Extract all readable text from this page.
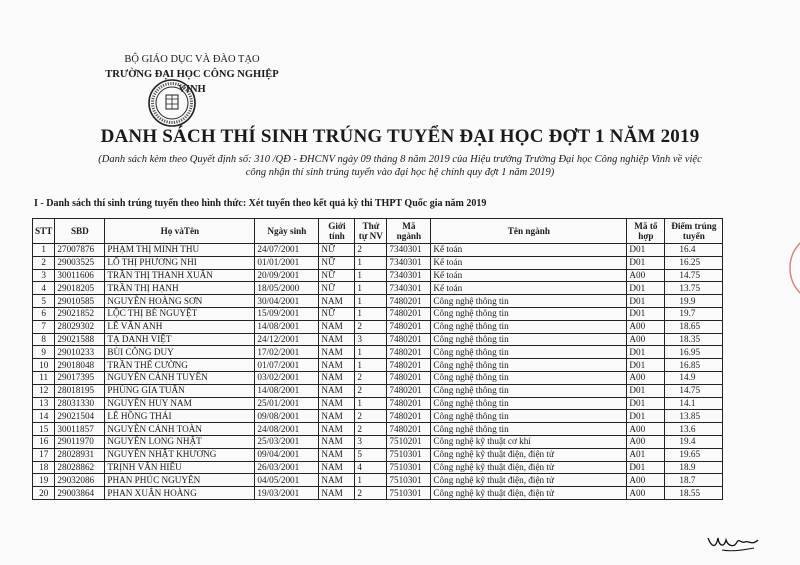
BỘ GIÁO DỤC VÀ ĐÀO TẠO
TRƯỜNG ĐẠI HỌC CÔNG NGHIỆP VINH
DANH SÁCH THÍ SINH TRÚNG TUYỂN ĐẠI HỌC ĐỢT 1 NĂM 2019
(Danh sách kèm theo Quyết định số: 310 /QĐ - ĐHCNV ngày 09 tháng 8 năm 2019 của Hiệu trưởng Trường Đại học Công nghiệp Vinh về việc
công nhận thí sinh trúng tuyển vào đại học hệ chính quy đợt 1 năm 2019)
I - Danh sách thí sinh trúng tuyển theo hình thức: Xét tuyển theo kết quả kỳ thi THPT Quốc gia năm 2019
STT	SBD	Họ vàTên	Ngày sinh	Giới tính	Thứ tự NV	Mã ngành	Tên ngành	Mã tổ hợp	Điểm trúng tuyển
1	27007876	PHẠM THỊ MINH THU	24/07/2001	NỮ	2	7340301	Kế toán	D01	16.4
2	29003525	LÔ THỊ PHƯƠNG NHI	01/01/2001	NỮ	1	7340301	Kế toán	D01	16.25
3	30011606	TRẦN THỊ THANH XUÂN	20/09/2001	NỮ	1	7340301	Kế toán	A00	14.75
4	29018205	TRẦN THỊ HẠNH	18/05/2000	NỮ	1	7340301	Kế toán	D01	13.75
5	29010585	NGUYỄN HOÀNG SƠN	30/04/2001	NAM	1	7480201	Công nghệ thông tin	D01	19.9
6	29021852	LỘC THỊ BÉ NGUYỆT	15/09/2001	NỮ	1	7480201	Công nghệ thông tin	D01	19.7
7	28029302	LÊ VĂN ANH	14/08/2001	NAM	2	7480201	Công nghệ thông tin	A00	18.65
8	29021588	TẠ DANH VIỆT	24/12/2001	NAM	3	7480201	Công nghệ thông tin	A00	18.35
9	29010233	BÙI CÔNG DUY	17/02/2001	NAM	1	7480201	Công nghệ thông tin	D01	16.95
10	29018048	TRẦN THẾ CƯỜNG	01/07/2001	NAM	1	7480201	Công nghệ thông tin	D01	16.85
11	29017395	NGUYỄN CẢNH TUYÊN	03/02/2001	NAM	2	7480201	Công nghệ thông tin	A00	14.9
12	28018195	PHÙNG GIA TUẤN	14/08/2001	NAM	2	7480201	Công nghệ thông tin	D01	14.75
13	28031330	NGUYỄN HUY NAM	25/01/2001	NAM	1	7480201	Công nghệ thông tin	D01	14.1
14	29021504	LÊ HỒNG THÁI	09/08/2001	NAM	2	7480201	Công nghệ thông tin	D01	13.85
15	30011857	NGUYỄN CẢNH TOÀN	24/08/2001	NAM	2	7480201	Công nghệ thông tin	A00	13.6
16	29011970	NGUYỄN LONG NHẬT	25/03/2001	NAM	3	7510201	Công nghệ kỹ thuật cơ khí	A00	19.4
17	28028931	NGUYỄN NHẬT KHƯƠNG	09/04/2001	NAM	5	7510301	Công nghệ kỹ thuật điện, điện tử	A01	19.65
18	28028862	TRỊNH VĂN HIẾU	26/03/2001	NAM	4	7510301	Công nghệ kỹ thuật điện, điện tử	D01	18.9
19	29032086	PHAN PHÚC NGUYÊN	04/05/2001	NAM	1	7510301	Công nghệ kỹ thuật điện, điện tử	A00	18.7
20	29003864	PHAN XUÂN HOÀNG	19/03/2001	NAM	2	7510301	Công nghệ kỹ thuật điện, điện tử	A00	18.55
